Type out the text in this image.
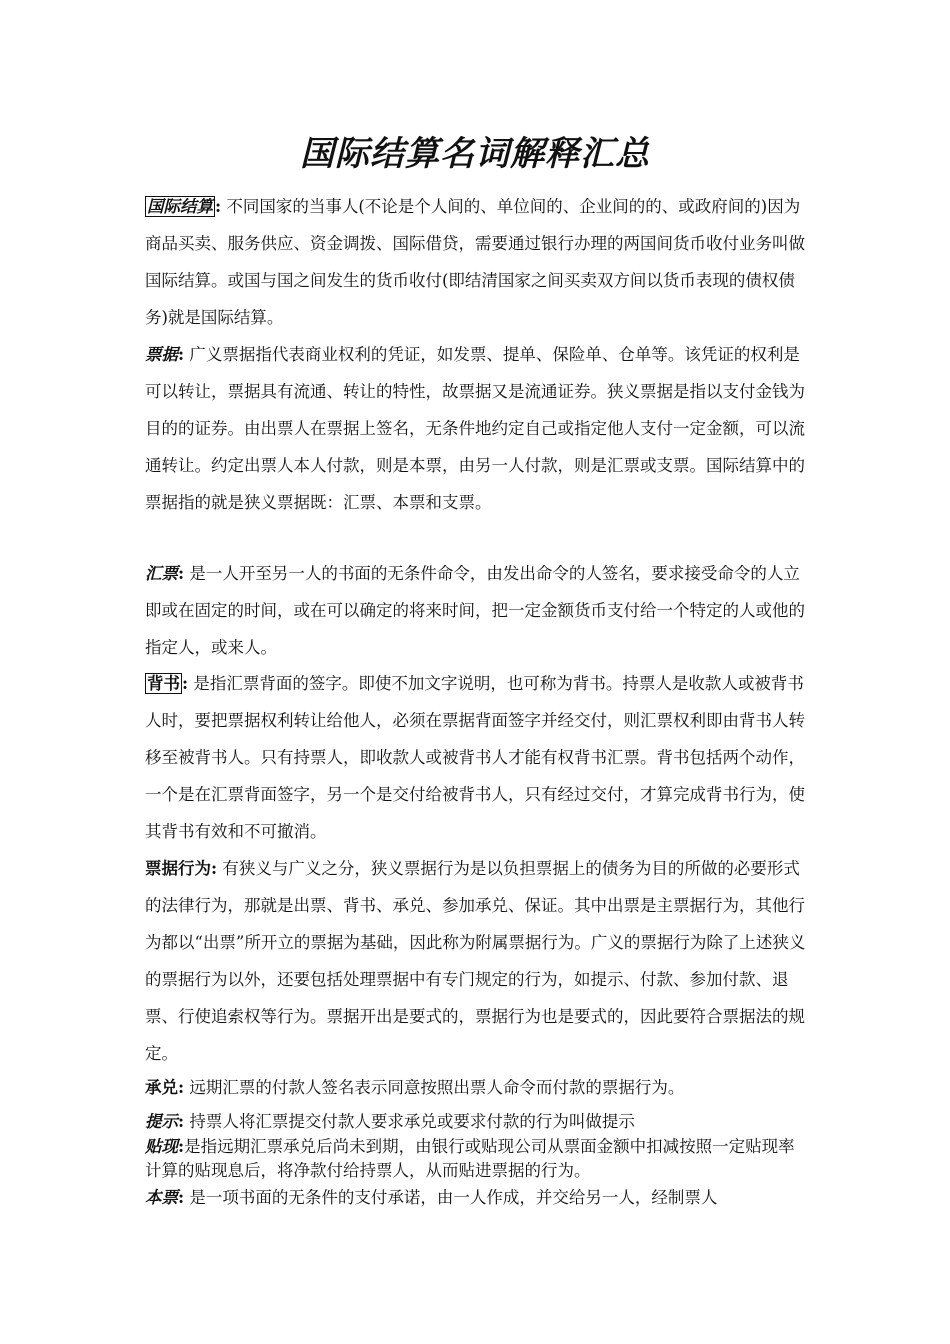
国际结算名词解释汇总
国际结算 : 不同国家的当事人(不论是个人间的、单位间的、企业间的的、或政府间的)因为商品买卖、服务供应、资金调拨、国际借贷，需要通过银行办理的两国间货币收付业务叫做国际结算。或国与国之间发生的货币收付(即结清国家之间买卖双方间以货币表现的债权债务)就是国际结算。
票据: 广义票据指代表商业权利的凭证，如发票、提单、保险单、仓单等。该凭证的权利是可以转让，票据具有流通、转让的特性，故票据又是流通证券。狭义票据是指以支付金钱为目的的证券。由出票人在票据上签名，无条件地约定自己或指定他人支付一定金额，可以流通转让。约定出票人本人付款，则是本票，由另一人付款，则是汇票或支票。国际结算中的票据指的就是狭义票据既：汇票、本票和支票。
汇票: 是一人开至另一人的书面的无条件命令，由发出命令的人签名，要求接受命令的人立即或在固定的时间，或在可以确定的将来时间，把一定金额货币支付给一个特定的人或他的指定人，或来人。
背书 : 是指汇票背面的签字。即使不加文字说明，也可称为背书。持票人是收款人或被背书人时，要把票据权利转让给他人，必须在票据背面签字并经交付，则汇票权利即由背书人转移至被背书人。只有持票人，即收款人或被背书人才能有权背书汇票。背书包括两个动作，一个是在汇票背面签字，另一个是交付给被背书人，只有经过交付，才算完成背书行为，使其背书有效和不可撤消。
票据行为: 有狭义与广义之分，狭义票据行为是以负担票据上的债务为目的所做的必要形式的法律行为，那就是出票、背书、承兑、参加承兑、保证。其中出票是主票据行为，其他行为都以“出票”所开立的票据为基础，因此称为附属票据行为。广义的票据行为除了上述狭义的票据行为以外，还要包括处理票据中有专门规定的行为，如提示、付款、参加付款、退票、行使追索权等行为。票据开出是要式的，票据行为也是要式的，因此要符合票据法的规定。
承兑: 远期汇票的付款人签名表示同意按照出票人命令而付款的票据行为。
提示: 持票人将汇票提交付款人要求承兑或要求付款的行为叫做提示
贴现:是指远期汇票承兑后尚未到期，由银行或贴现公司从票面金额中扣减按照一定贴现率计算的贴现息后，将净款付给持票人，从而贴进票据的行为。
本票: 是一项书面的无条件的支付承诺，由一人作成，并交给另一人，经制票人
